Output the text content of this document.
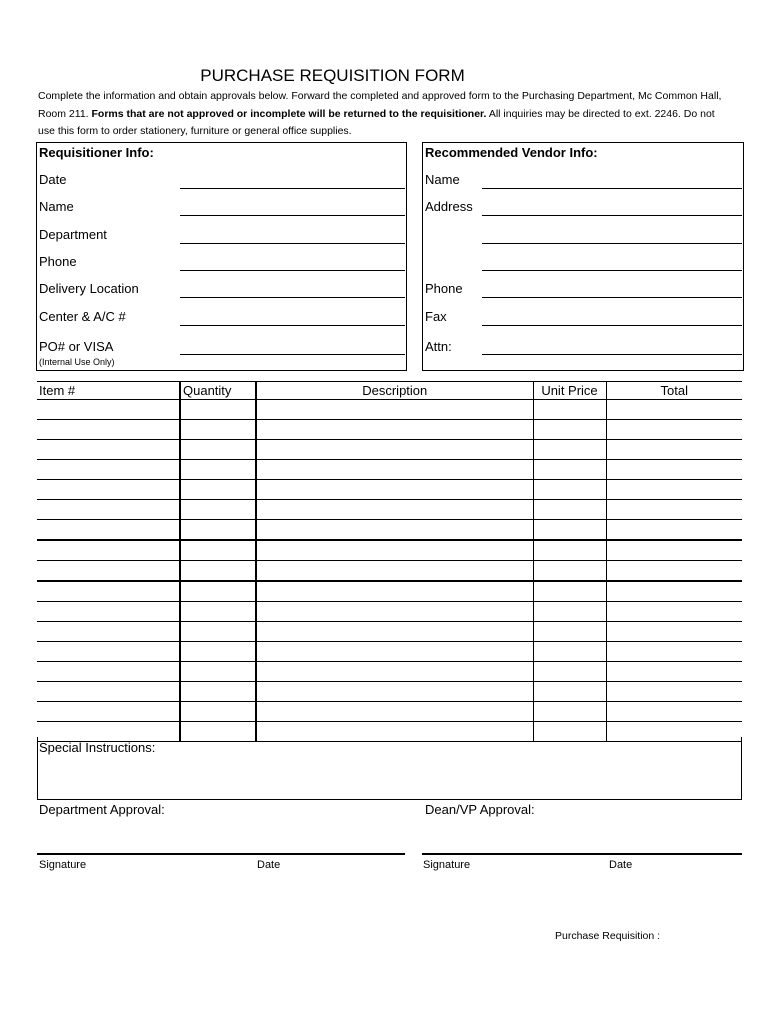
PURCHASE REQUISITION FORM
Complete the information and obtain approvals below. Forward the completed and approved form to the Purchasing Department, Mc Common Hall, Room 211. Forms that are not approved or incomplete will be returned to the requisitioner. All inquiries may be directed to ext. 2246. Do not use this form to order stationery, furniture or general office supplies.
Requisitioner Info:
Date
Name
Department
Phone
Delivery Location
Center & A/C #
PO# or VISA
(Internal Use Only)
Recommended Vendor Info:
Name
Address
Phone
Fax
Attn:
Item #	Quantity	Description	Unit Price	Total

Special Instructions:
Department Approval:	Dean/VP Approval:
Signature	Date	Signature	Date
Purchase Requisition :
